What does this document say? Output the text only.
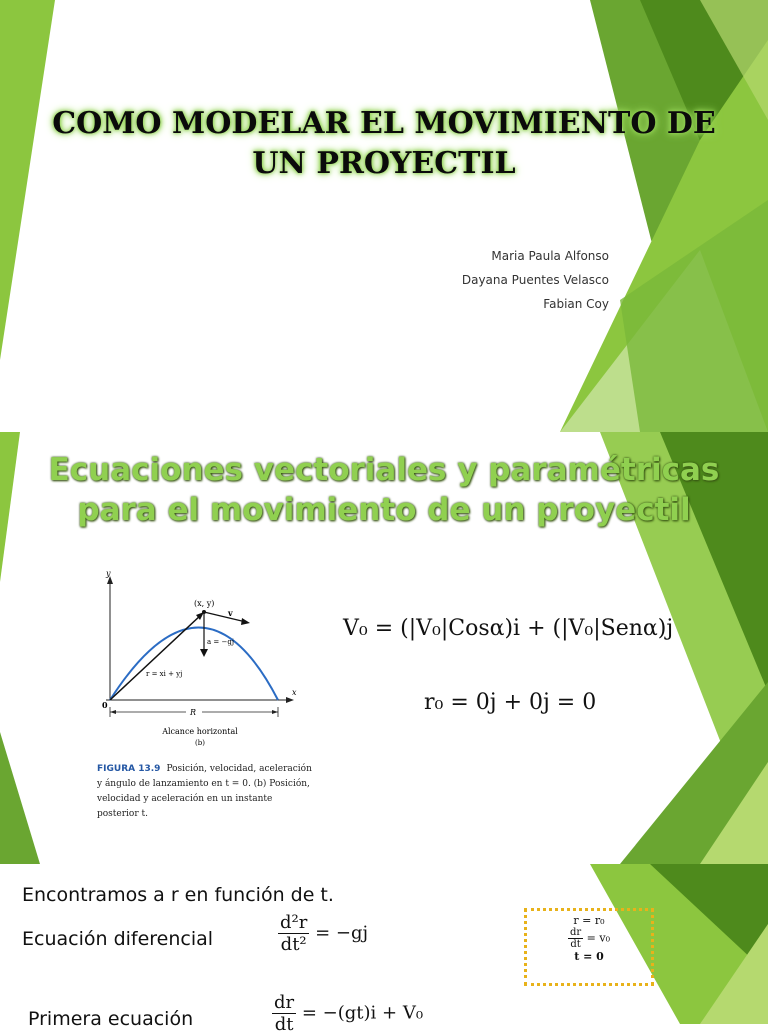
COMO MODELAR EL MOVIMIENTO DE
UN PROYECTIL
Maria Paula Alfonso
Dayana Puentes Velasco
Fabian Coy
Ecuaciones vectoriales y paramétricas
para el movimiento de un proyectil
y
x
0
(x, y)
v
a = −gj
r = xi + yj
R
Alcance horizontal
(b)
FIGURA 13.9 Posición, velocidad, aceleración y ángulo de lanzamiento en t = 0. (b) Posición, velocidad y aceleración en un instante posterior t.
V₀ = (|V₀|Cosα)i + (|V₀|Senα)j
r₀ = 0j + 0j = 0
Encontramos a r en función de t.
Ecuación diferencial
Primera ecuación
$\frac{\text{d²r}}{\text{dt²}} = -gj$
$\frac{dr}{dt} = -(gt)i + V_0$
r = r₀
$\frac{dr}{dt} = v_0$
t = 0
